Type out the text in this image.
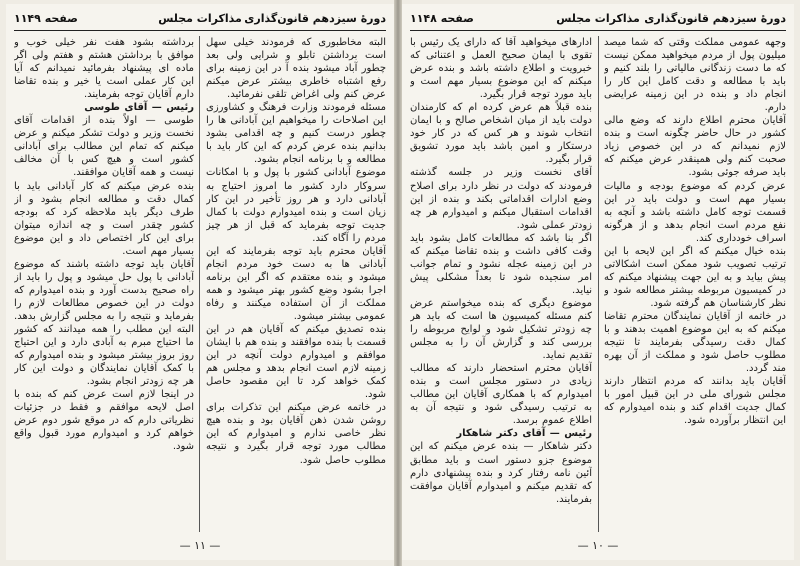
دورهٔ سیزدهم قانون‌گذاری
مذاکرات مجلس
صفحه ۱۱۴۹

البته مخاطبوری که فرمودند خیلی سهل است برداشتن تابلو و شرایی ولی بعد چطور آباد میشود بنده آ در این زمینه برای رفع اشتباه خاطری بیشتر عرض میکنم عرض کنم ولی اغراض تلقی نفرمائید.

مسئله فرمودند وزارت فرهنگ و کشاورزی این اصلاحات را میخواهیم این آبادانی ها را چطور درست کنیم و چه اقدامی بشود بدانیم بنده عرض کردم که این کار باید با مطالعه و با برنامه انجام بشود.

موضوع آبادانی کشور با پول و با امکانات سروکار دارد کشور ما امروز احتیاج به آبادانی دارد و هر روز تأخیر در این کار زیان است و بنده امیدوارم دولت با کمال جدیت توجه بفرماید که قبل از هر چیز مردم را آگاه کند.

آقایان محترم باید توجه بفرمایند که این آبادانی ها به دست خود مردم انجام میشود و بنده معتقدم که اگر این برنامه اجرا بشود وضع کشور بهتر میشود و همه مملکت از آن استفاده میکنند و رفاه عمومی بیشتر میشود.

بنده تصدیق میکنم که آقایان هم در این قسمت با بنده موافقند و بنده هم با ایشان موافقم و امیدوارم دولت آنچه در این زمینه لازم است انجام بدهد و مجلس هم کمک خواهد کرد تا این مقصود حاصل شود.

در خاتمه عرض میکنم این تذکرات برای روشن شدن ذهن آقایان بود و بنده هیچ نظر خاصی ندارم و امیدوارم که این مطالب مورد توجه قرار بگیرد و نتیجه مطلوب حاصل شود.

برداشته بشود هفت نفر خیلی خوب و موافق با برداشتن هشتم و هفتم ولی اگر ماده ای پیشنهاد بفرمائید نمیدانم که آیا این کار عملی است یا خیر و بنده تقاضا دارم آقایان توجه بفرمایند.

رئیس — آقای طوسی

طوسی — اولاً بنده از اقدامات آقای نخست وزیر و دولت تشکر میکنم و عرض میکنم که تمام این مطالب برای آبادانی کشور است و هیچ کس با آن مخالف نیست و همه آقایان موافقند.

بنده عرض میکنم که کار آبادانی باید با کمال دقت و مطالعه انجام بشود و از طرف دیگر باید ملاحظه کرد که بودجه کشور چقدر است و چه اندازه میتوان برای این کار اختصاص داد و این موضوع بسیار مهم است.

آقایان باید توجه داشته باشند که موضوع آبادانی با پول حل میشود و پول را باید از راه صحیح بدست آورد و بنده امیدوارم که دولت در این خصوص مطالعات لازم را بفرماید و نتیجه را به مجلس گزارش بدهد.

البته این مطلب را همه میدانند که کشور ما احتیاج مبرم به آبادی دارد و این احتیاج روز بروز بیشتر میشود و بنده امیدوارم که با کمک آقایان نمایندگان و دولت این کار هر چه زودتر انجام بشود.

در اینجا لازم است عرض کنم که بنده با اصل لایحه موافقم و فقط در جزئیات نظریاتی دارم که در موقع شور دوم عرض خواهم کرد و امیدوارم مورد قبول واقع شود.

— ۱۱ —
دورهٔ سیزدهم قانون‌گذاری
مذاکرات مجلس
صفحه ۱۱۴۸

وجهه عمومی مملکت وقتی که شما میصد میلیون پول از مردم میخواهید ممکن نیست که ما دست زندگانی مالیاتی را بلند کنیم و باید با مطالعه و دقت کامل این کار را انجام داد و بنده در این زمینه عرایضی دارم.

آقایان محترم اطلاع دارند که وضع مالی کشور در حال حاضر چگونه است و بنده لازم نمیدانم که در این خصوص زیاد صحبت کنم ولی همینقدر عرض میکنم که باید صرفه جوئی بشود.

عرض کردم که موضوع بودجه و مالیات بسیار مهم است و دولت باید در این قسمت توجه کامل داشته باشد و آنچه به نفع مردم است انجام بدهد و از هرگونه اسراف خودداری کند.

بنده خیال میکنم که اگر این لایحه با این ترتیب تصویب شود ممکن است اشکالاتی پیش بیاید و به این جهت پیشنهاد میکنم که در کمیسیون مربوطه بیشتر مطالعه شود و نظر کارشناسان هم گرفته شود.

در خاتمه از آقایان نمایندگان محترم تقاضا میکنم که به این موضوع اهمیت بدهند و با کمال دقت رسیدگی بفرمایند تا نتیجه مطلوب حاصل شود و مملکت از آن بهره مند گردد.

آقایان باید بدانند که مردم انتظار دارند مجلس شورای ملی در این قبیل امور با کمال جدیت اقدام کند و بنده امیدوارم که این انتظار برآورده شود.

ادارهای میخواهید آقا که دارای یک رئیس با تقوی با ایمان صحیح العمل و اعتنائی که خبرویت و اطلاع داشته باشد و بنده عرض میکنم که این موضوع بسیار مهم است و باید مورد توجه قرار بگیرد.

بنده قبلاً هم عرض کرده ام که کارمندان دولت باید از میان اشخاص صالح و با ایمان انتخاب شوند و هر کس که در کار خود درستکار و امین باشد باید مورد تشویق قرار بگیرد.

آقای نخست وزیر در جلسه گذشته فرمودند که دولت در نظر دارد برای اصلاح وضع ادارات اقداماتی بکند و بنده از این اقدامات استقبال میکنم و امیدوارم هر چه زودتر عملی شود.

اگر بنا باشد که مطالعات کامل بشود باید وقت کافی داشت و بنده تقاضا میکنم که در این زمینه عجله نشود و تمام جوانب امر سنجیده شود تا بعداً مشکلی پیش نیاید.

موضوع دیگری که بنده میخواستم عرض کنم مسئله کمیسیون ها است که باید هر چه زودتر تشکیل شود و لوایح مربوطه را بررسی کند و گزارش آن را به مجلس تقدیم نماید.

آقایان محترم استحضار دارند که مطالب زیادی در دستور مجلس است و بنده امیدوارم که با همکاری آقایان این مطالب به ترتیب رسیدگی شود و نتیجه آن به اطلاع عموم برسد.

رئیس — آقای دکتر شاهکار

دکتر شاهکار — بنده عرض میکنم که این موضوع جزو دستور است و باید مطابق آئین نامه رفتار کرد و بنده پیشنهادی دارم که تقدیم میکنم و امیدوارم آقایان موافقت بفرمایند.

— ۱۰ —
